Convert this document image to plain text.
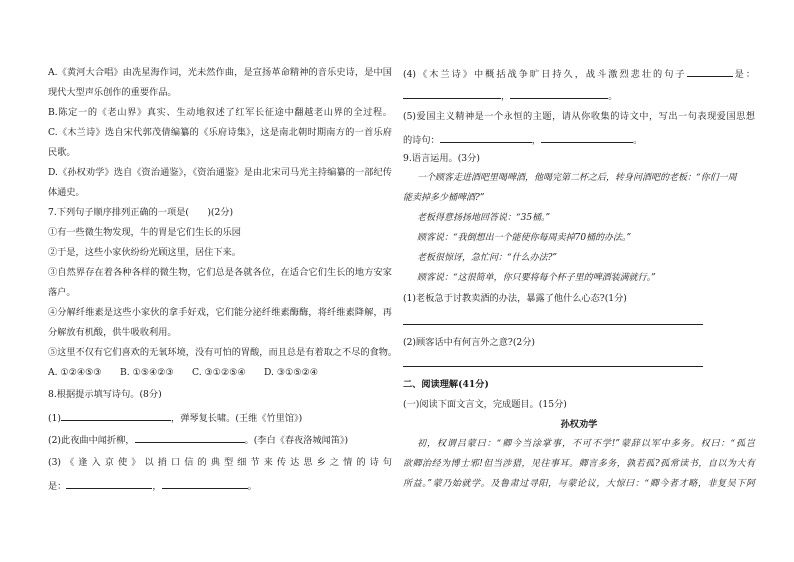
A.《黄河大合唱》由冼星海作词，光未然作曲，是宣扬革命精神的音乐史诗，是中国
现代大型声乐创作的重要作品。
B.陈定一的《老山界》真实、生动地叙述了红军长征途中翻越老山界的全过程。
C.《木兰诗》选自宋代郭茂倩编纂的《乐府诗集》，这是南北朝时期南方的一首乐府
民歌。
D.《孙权劝学》选自《资治通鉴》，《资治通鉴》是由北宋司马光主持编纂的一部纪传
体通史。
7.下列句子顺序排列正确的一项是(　　)(2分)
①有一些微生物发现，牛的胃是它们生长的乐园
②于是，这些小家伙纷纷光顾这里，居住下来。
③自然界存在着各种各样的微生物，它们总是各就各位，在适合它们生长的地方安家
落户。
④分解纤维素是这些小家伙的拿手好戏，它们能分泌纤维素酶酶，将纤维素降解，再
分解放有机酸，供牛吸收利用。
⑤这里不仅有它们喜欢的无氧环境，没有可怕的胃酸，而且总是有着取之不尽的食物。
A. ①②④⑤③ B. ①⑤④②③ C. ③①②⑤④ D. ③①⑤②④
8.根据提示填写诗句。(8分)
(1)	，弹琴复长啸。(王维《竹里馆》)
(2)此夜曲中闻折柳，	。(李白《春夜洛城闻笛》)
(3)《逢入京使》以捎口信的典型细节来传达思乡之情的诗句
是：	，	。
(4)《木兰诗》中概括战争旷日持久，战斗激烈悲壮的句子	是：
，	。
(5)爱国主义精神是一个永恒的主题，请从你收集的诗文中，写出一句表现爱国思想
的诗句：	，	。
9.语言运用。(3分)
一个顾客走进酒吧里喝啤酒，他喝完第二杯之后，转身问酒吧的老板：“你们一周
能卖掉多少桶啤酒?”
老板得意扬扬地回答说：“35桶。”
顾客说：“我倒想出一个能使你每周卖掉70桶的办法。”
老板很惊讶，急忙问：“什么办法?”
顾客说：“这很简单，你只要将每个杯子里的啤酒装满就行。”
(1)老板急于讨教卖酒的办法，暴露了他什么心态?(1分)
(2)顾客话中有何言外之意?(2分)
二、阅读理解(41分)
(一)阅读下面文言文，完成题目。(15分)
孙权劝学
初，权谓吕蒙曰：“卿今当涂掌事，不可不学!”蒙辞以军中多务。权曰：“孤岂
欲卿治经为博士邪!但当涉猎，见往事耳。卿言多务，孰若孤?孤常读书，自以为大有
所益。”蒙乃始就学。及鲁肃过寻阳，与蒙论议，大惊曰：“卿今者才略，非复吴下阿
